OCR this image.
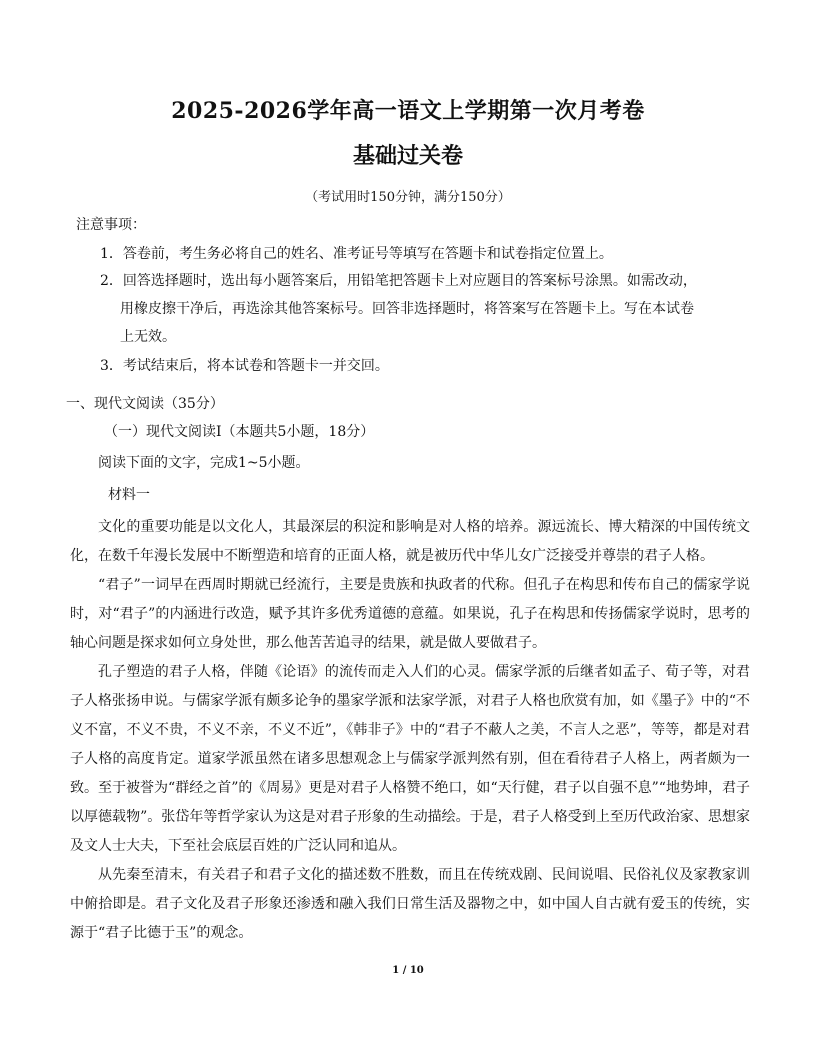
2025-2026学年高一语文上学期第一次月考卷
基础过关卷
（考试用时150分钟，满分150分）
注意事项：
1．答卷前，考生务必将自己的姓名、准考证号等填写在答题卡和试卷指定位置上。
2．回答选择题时，选出每小题答案后，用铅笔把答题卡上对应题目的答案标号涂黑。如需改动，
用橡皮擦干净后，再选涂其他答案标号。回答非选择题时，将答案写在答题卡上。写在本试卷
上无效。
3．考试结束后，将本试卷和答题卡一并交回。
一、现代文阅读（35分）
（一）现代文阅读Ⅰ（本题共5小题，18分）
阅读下面的文字，完成1~5小题。
材料一

文化的重要功能是以文化人，其最深层的积淀和影响是对人格的培养。源远流长、博大精深的中国传统文化，在数千年漫长发展中不断塑造和培育的正面人格，就是被历代中华儿女广泛接受并尊崇的君子人格。

“君子”一词早在西周时期就已经流行，主要是贵族和执政者的代称。但孔子在构思和传布自己的儒家学说时，对“君子”的内涵进行改造，赋予其许多优秀道德的意蕴。如果说，孔子在构思和传扬儒家学说时，思考的轴心问题是探求如何立身处世，那么他苦苦追寻的结果，就是做人要做君子。

孔子塑造的君子人格，伴随《论语》的流传而走入人们的心灵。儒家学派的后继者如孟子、荀子等，对君子人格张扬申说。与儒家学派有颇多论争的墨家学派和法家学派，对君子人格也欣赏有加，如《墨子》中的“不义不富，不义不贵，不义不亲，不义不近”，《韩非子》中的“君子不蔽人之美，不言人之恶”，等等，都是对君子人格的高度肯定。道家学派虽然在诸多思想观念上与儒家学派判然有别，但在看待君子人格上，两者颇为一致。至于被誉为“群经之首”的《周易》更是对君子人格赞不绝口，如“天行健，君子以自强不息”“地势坤，君子以厚德载物”。张岱年等哲学家认为这是对君子形象的生动描绘。于是，君子人格受到上至历代政治家、思想家及文人士大夫，下至社会底层百姓的广泛认同和追从。

从先秦至清末，有关君子和君子文化的描述数不胜数，而且在传统戏剧、民间说唱、民俗礼仪及家教家训中俯拾即是。君子文化及君子形象还渗透和融入我们日常生活及器物之中，如中国人自古就有爱玉的传统，实源于“君子比德于玉”的观念。

1 / 10
